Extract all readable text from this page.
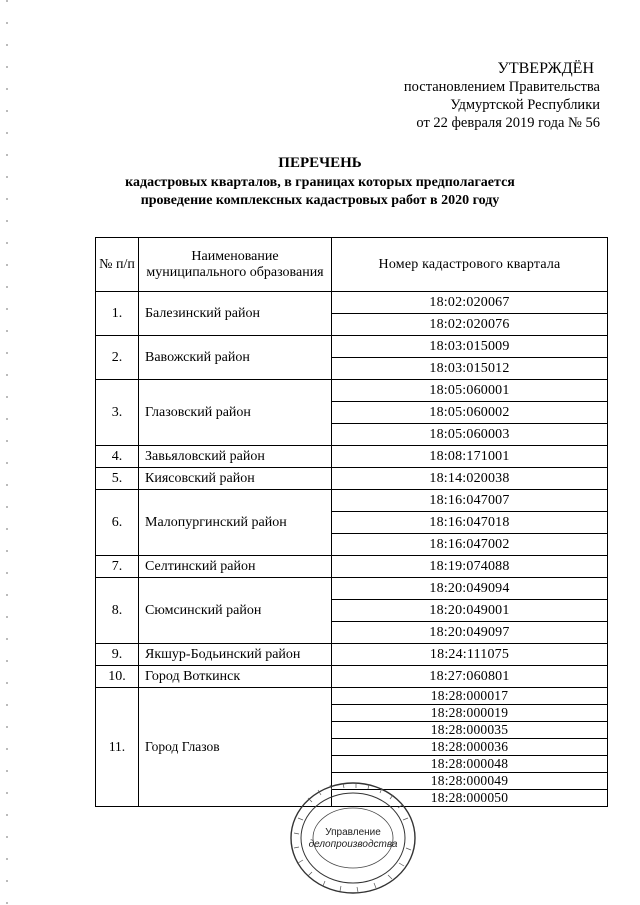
УТВЕРЖДЁН
постановлением Правительства
Удмуртской Республики
от 22 февраля 2019 года № 56
ПЕРЕЧЕНЬ
кадастровых кварталов, в границах которых предполагается
проведение комплексных кадастровых работ в 2020 году
№ п/п	Наименование муниципального образования	Номер кадастрового квартала
1.	Балезинский район	18:02:020067
		18:02:020076
2.	Вавожский район	18:03:015009
		18:03:015012
3.	Глазовский район	18:05:060001
		18:05:060002
		18:05:060003
4.	Завьяловский район	18:08:171001
5.	Киясовский район	18:14:020038
6.	Малопургинский район	18:16:047007
		18:16:047018
		18:16:047002
7.	Селтинский район	18:19:074088
8.	Сюмсинский район	18:20:049094
		18:20:049001
		18:20:049097
9.	Якшур-Бодьинский район	18:24:111075
10.	Город Воткинск	18:27:060801
11.	Город Глазов	18:28:000017
		18:28:000019
		18:28:000035
		18:28:000036
		18:28:000048
		18:28:000049
		18:28:000050
Управление
делопроизводства
